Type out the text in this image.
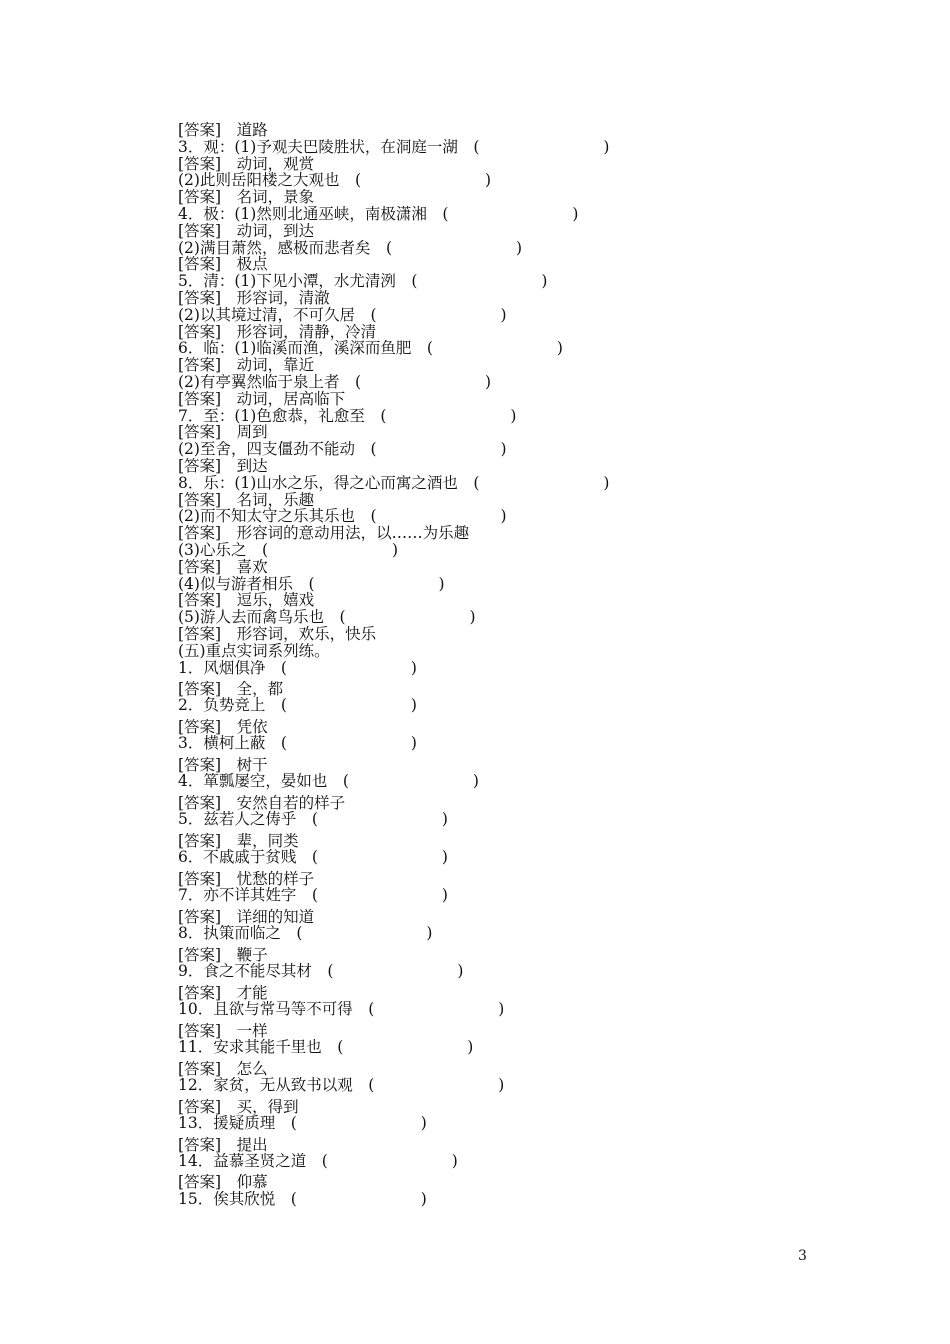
[答案]　道路
3．观：(1)予观夫巴陵胜状，在洞庭一湖　(　　　　　　　　)
[答案]　动词，观赏
(2)此则岳阳楼之大观也　(　　　　　　　　)
[答案]　名词，景象
4．极：(1)然则北通巫峡，南极潇湘　(　　　　　　　　)
[答案]　动词，到达
(2)满目萧然，感极而悲者矣　(　　　　　　　　)
[答案]　极点
5．清：(1)下见小潭，水尤清洌　(　　　　　　　　)
[答案]　形容词，清澈
(2)以其境过清，不可久居　(　　　　　　　　)
[答案]　形容词，清静，冷清
6．临：(1)临溪而渔，溪深而鱼肥　(　　　　　　　　)
[答案]　动词，靠近
(2)有亭翼然临于泉上者　(　　　　　　　　)
[答案]　动词，居高临下
7．至：(1)色愈恭，礼愈至　(　　　　　　　　)
[答案]　周到
(2)至舍，四支僵劲不能动　(　　　　　　　　)
[答案]　到达
8．乐：(1)山水之乐，得之心而寓之酒也　(　　　　　　　　)
[答案]　名词，乐趣
(2)而不知太守之乐其乐也　(　　　　　　　　)
[答案]　形容词的意动用法，以……为乐趣
(3)心乐之　(　　　　　　　　)
[答案]　喜欢
(4)似与游者相乐　(　　　　　　　　)
[答案]　逗乐，嬉戏
(5)游人去而禽鸟乐也　(　　　　　　　　)
[答案]　形容词，欢乐，快乐
(五)重点实词系列练。
1．风烟俱净　(　　　　　　　　)
[答案]　全，都
2．负势竞上　(　　　　　　　　)
[答案]　凭依
3．横柯上蔽　(　　　　　　　　)
[答案]　树干
4．箪瓢屡空，晏如也　(　　　　　　　　)
[答案]　安然自若的样子
5．兹若人之俦乎　(　　　　　　　　)
[答案]　辈，同类
6．不戚戚于贫贱　(　　　　　　　　)
[答案]　忧愁的样子
7．亦不详其姓字　(　　　　　　　　)
[答案]　详细的知道
8．执策而临之　(　　　　　　　　)
[答案]　鞭子
9．食之不能尽其材　(　　　　　　　　)
[答案]　才能
10．且欲与常马等不可得　(　　　　　　　　)
[答案]　一样
11．安求其能千里也　(　　　　　　　　)
[答案]　怎么
12．家贫，无从致书以观　(　　　　　　　　)
[答案]　买，得到
13．援疑质理　(　　　　　　　　)
[答案]　提出
14．益慕圣贤之道　(　　　　　　　　)
[答案]　仰慕
15．俟其欣悦　(　　　　　　　　)
3
